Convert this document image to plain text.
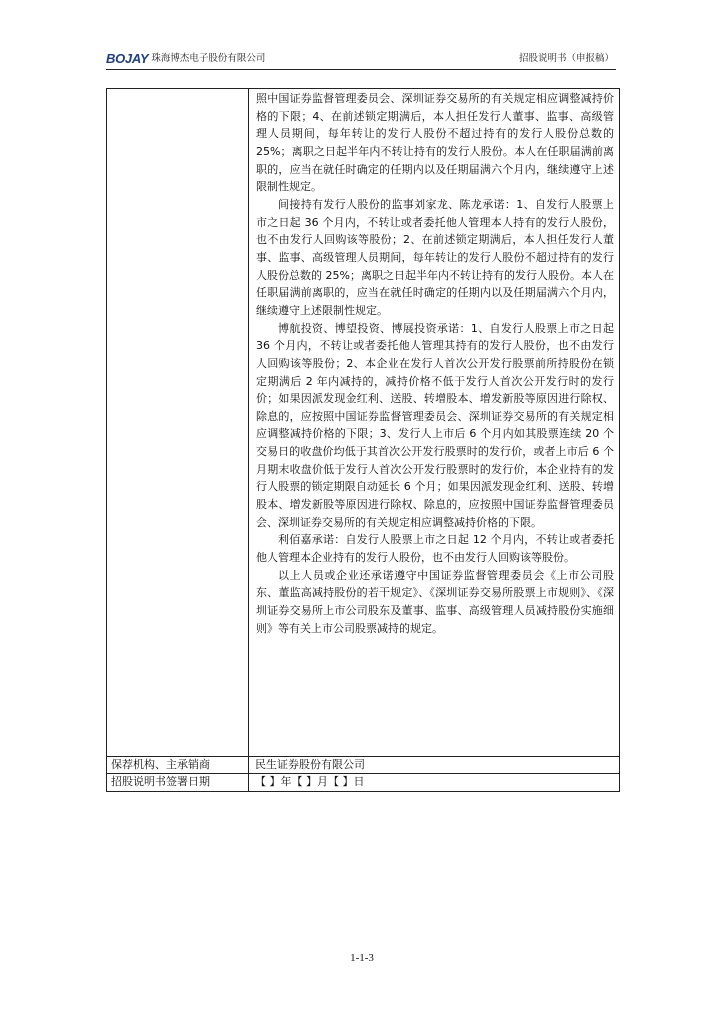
BOJAY 珠海博杰电子股份有限公司	招股说明书（申报稿）

照中国证券监督管理委员会、深圳证券交易所的有关规定相应调整减持价格的下限；4、在前述锁定期满后，本人担任发行人董事、监事、高级管理人员期间，每年转让的发行人股份不超过持有的发行人股份总数的 25%；离职之日起半年内不转让持有的发行人股份。本人在任职届满前离职的，应当在就任时确定的任期内以及任期届满六个月内，继续遵守上述限制性规定。

间接持有发行人股份的监事刘家龙、陈龙承诺：1、自发行人股票上市之日起 36 个月内，不转让或者委托他人管理本人持有的发行人股份，也不由发行人回购该等股份；2、在前述锁定期满后，本人担任发行人董事、监事、高级管理人员期间，每年转让的发行人股份不超过持有的发行人股份总数的 25%；离职之日起半年内不转让持有的发行人股份。本人在任职届满前离职的，应当在就任时确定的任期内以及任期届满六个月内，继续遵守上述限制性规定。

博航投资、博望投资、博展投资承诺：1、自发行人股票上市之日起 36 个月内，不转让或者委托他人管理其持有的发行人股份，也不由发行人回购该等股份；2、本企业在发行人首次公开发行股票前所持股份在锁定期满后 2 年内减持的，减持价格不低于发行人首次公开发行时的发行价；如果因派发现金红利、送股、转增股本、增发新股等原因进行除权、除息的，应按照中国证券监督管理委员会、深圳证券交易所的有关规定相应调整减持价格的下限；3、发行人上市后 6 个月内如其股票连续 20 个交易日的收盘价均低于其首次公开发行股票时的发行价，或者上市后 6 个月期末收盘价低于发行人首次公开发行股票时的发行价，本企业持有的发行人股票的锁定期限自动延长 6 个月；如果因派发现金红利、送股、转增股本、增发新股等原因进行除权、除息的，应按照中国证券监督管理委员会、深圳证券交易所的有关规定相应调整减持价格的下限。

利佰嘉承诺：自发行人股票上市之日起 12 个月内，不转让或者委托他人管理本企业持有的发行人股份，也不由发行人回购该等股份。

以上人员或企业还承诺遵守中国证券监督管理委员会《上市公司股东、董监高减持股份的若干规定》、《深圳证券交易所股票上市规则》、《深圳证券交易所上市公司股东及董事、监事、高级管理人员减持股份实施细则》等有关上市公司股票减持的规定。

保荐机构、主承销商	民生证券股份有限公司
招股说明书签署日期	【 】年【 】月【 】日
1-1-3
